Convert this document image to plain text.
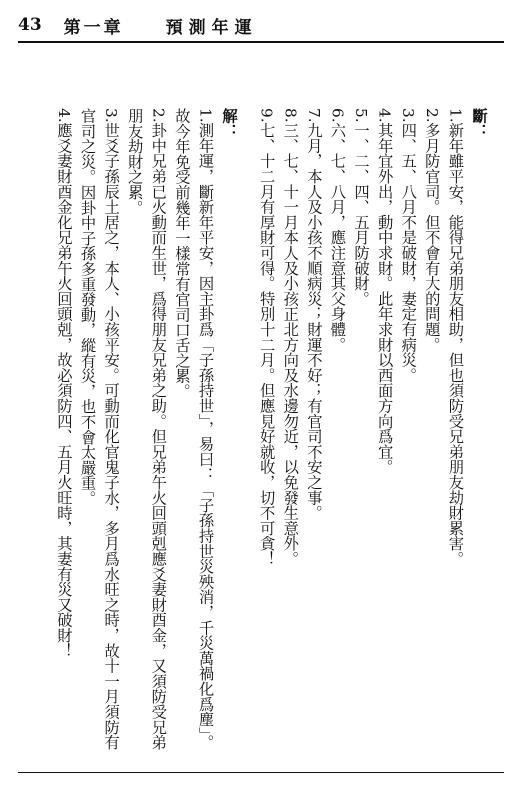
43 第一章 預測年運
斷：
1.新年雖平安，能得兄弟朋友相助，但也須防受兄弟朋友劫財累害。
2.多月防官司。但不會有大的問題。
3.四、五、八月不是破財，妻定有病災。
4.其年宜外出，動中求財。此年求財以西面方向爲宜。
5.一、二、四、五月防破財。
6.六、七、八月，應注意其父身體。
7.九月，本人及小孩不順病災；財運不好；有官司不安之事。
8.三、七、十一月本人及小孩正北方向及水邊勿近，以免發生意外。
9.七、十二月有厚財可得。特別十二月。但應見好就收，切不可貪！
解：
1.測年運，斷新年平安，因主卦爲「子孫持世」，易曰：「子孫持世災殃消，千災萬禍化爲塵」。
故今年免受前幾年一樣常有官司口舌之累。
2.卦中兄弟已火動而生世，爲得朋友兄弟之助。但兄弟午火回頭剋應爻妻財酉金，又須防受兄弟
朋友劫財之累。
3.世爻子孫辰土居之，本人、小孩平安。可動而化官鬼子水，多月爲水旺之時，故十一月須防有
官司之災。因卦中子孫多重發動，縱有災，也不會太嚴重。
4.應爻妻財酉金化兄弟午火回頭剋，故必須防四、五月火旺時，其妻有災又破財！
